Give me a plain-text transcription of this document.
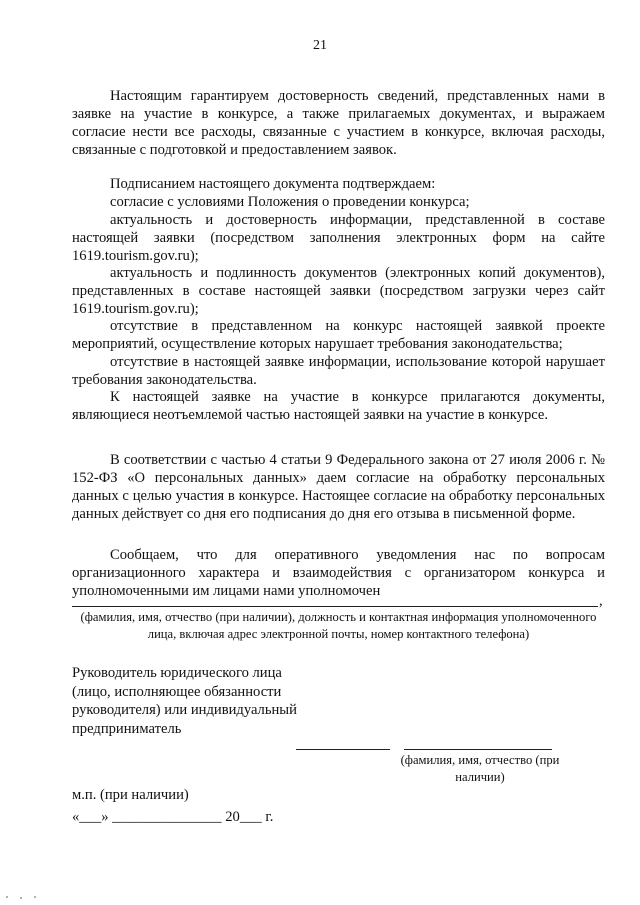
21

Настоящим гарантируем достоверность сведений, представленных нами в заявке на участие в конкурсе, а также прилагаемых документах, и выражаем согласие нести все расходы, связанные с участием в конкурсе, включая расходы, связанные с подготовкой и предоставлением заявок.

Подписанием настоящего документа подтверждаем:

согласие с условиями Положения о проведении конкурса;

актуальность и достоверность информации, представленной в составе настоящей заявки (посредством заполнения электронных форм на сайте 1619.tourism.gov.ru);

актуальность и подлинность документов (электронных копий документов), представленных в составе настоящей заявки (посредством загрузки через сайт 1619.tourism.gov.ru);

отсутствие в представленном на конкурс настоящей заявкой проекте мероприятий, осуществление которых нарушает требования законодательства;

отсутствие в настоящей заявке информации, использование которой нарушает требования законодательства.

К настоящей заявке на участие в конкурсе прилагаются документы, являющиеся неотъемлемой частью настоящей заявки на участие в конкурсе.

В соответствии с частью 4 статьи 9 Федерального закона от 27 июля 2006 г. № 152-ФЗ «О персональных данных» даем согласие на обработку персональных данных с целью участия в конкурсе. Настоящее согласие на обработку персональных данных действует со дня его подписания до дня его отзыва в письменной форме.

Сообщаем, что для оперативного уведомления нас по вопросам организационного характера и взаимодействия с организатором конкурса и уполномоченными им лицами нами уполномочен

,
(фамилия, имя, отчество (при наличии), должность и контактная информация уполномоченного лица, включая адрес электронной почты, номер контактного телефона)

Руководитель юридического лица (лицо, исполняющее обязанности руководителя) или индивидуальный предприниматель

(фамилия, имя, отчество (при наличии)
м.п. (при наличии)
«___» _______________ 20___ г.
